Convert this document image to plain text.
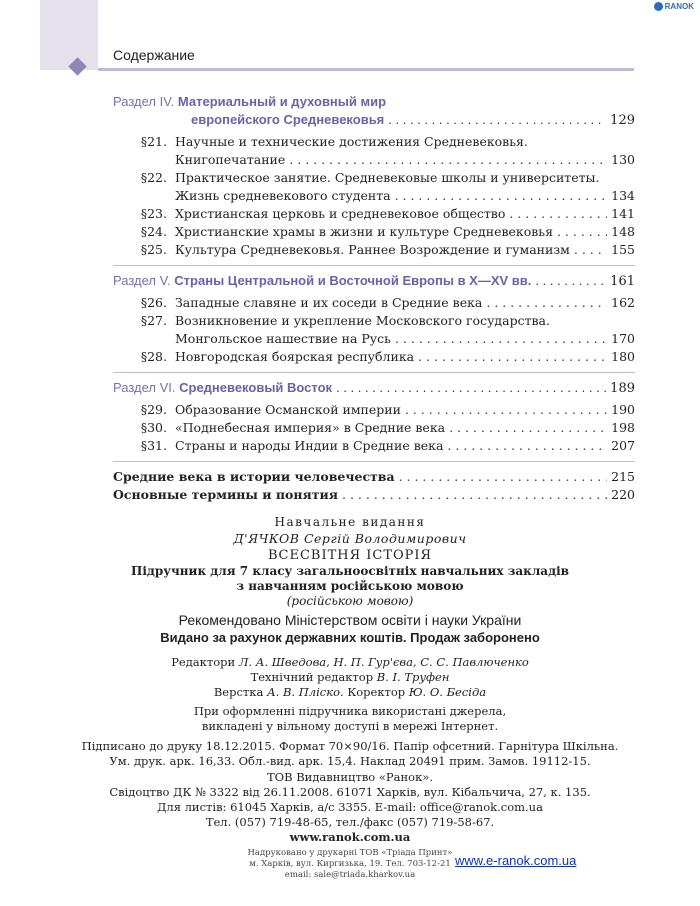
Содержание
RANOK
Раздел IV. Материальный и духовный мир
европейского Средневековья . . .	129
§21. Научные и технические достижения Средневековья.
Книгопечатание . . .	130
§22. Практическое занятие. Средневековые школы и университеты.
Жизнь средневекового студента . . .	134
§23. Христианская церковь и средневековое общество . . .	141
§24. Христианские храмы в жизни и культуре Средневековья . . .	148
§25. Культура Средневековья. Раннее Возрождение и гуманизм . . .	155
Раздел V. Страны Центральной и Восточной Европы в X—XV вв. . . .	161
§26. Западные славяне и их соседи в Средние века . . .	162
§27. Возникновение и укрепление Московского государства.
Монгольское нашествие на Русь . . .	170
§28. Новгородская боярская республика . . .	180
Раздел VI. Средневековый Восток . . .	189
§29. Образование Османской империи . . .	190
§30. «Поднебесная империя» в Средние века . . .	198
§31. Страны и народы Индии в Средние века . . .	207
Средние века в истории человечества . . .	215
Основные термины и понятия . . .	220
Навчальне видання
Д'ЯЧКОВ Сергій Володимирович
ВСЕСВІТНЯ ІСТОРІЯ
Підручник для 7 класу загальноосвітніх навчальних закладів
з навчанням російською мовою
(російською мовою)
Рекомендовано Міністерством освіти і науки України
Видано за рахунок державних коштів. Продаж заборонено
Редактори Л. А. Шведова, Н. П. Гур'єва, С. С. Павлюченко
Технічний редактор В. І. Труфен
Верстка А. В. Пліско. Коректор Ю. О. Бесіда
При оформленні підручника використані джерела,
викладені у вільному доступі в мережі Інтернет.
Підписано до друку 18.12.2015. Формат 70×90/16. Папір офсетний. Гарнітура Шкільна.
Ум. друк. арк. 16,33. Обл.-вид. арк. 15,4. Наклад 20491 прим. Замов. 19112-15.
ТОВ Видавництво «Ранок».
Свідоцтво ДК № 3322 від 26.11.2008. 61071 Харків, вул. Кібальчича, 27, к. 135.
Для листів: 61045 Харків, а/с 3355. E-mail: office@ranok.com.ua
Тел. (057) 719-48-65, тел./факс (057) 719-58-67.
www.ranok.com.ua
Надруковано у друкарні ТОВ «Тріада Принт»
м. Харків, вул. Киргизька, 19. Тел. 703-12-21
email: sale@triada.kharkov.ua
www.e-ranok.com.ua
